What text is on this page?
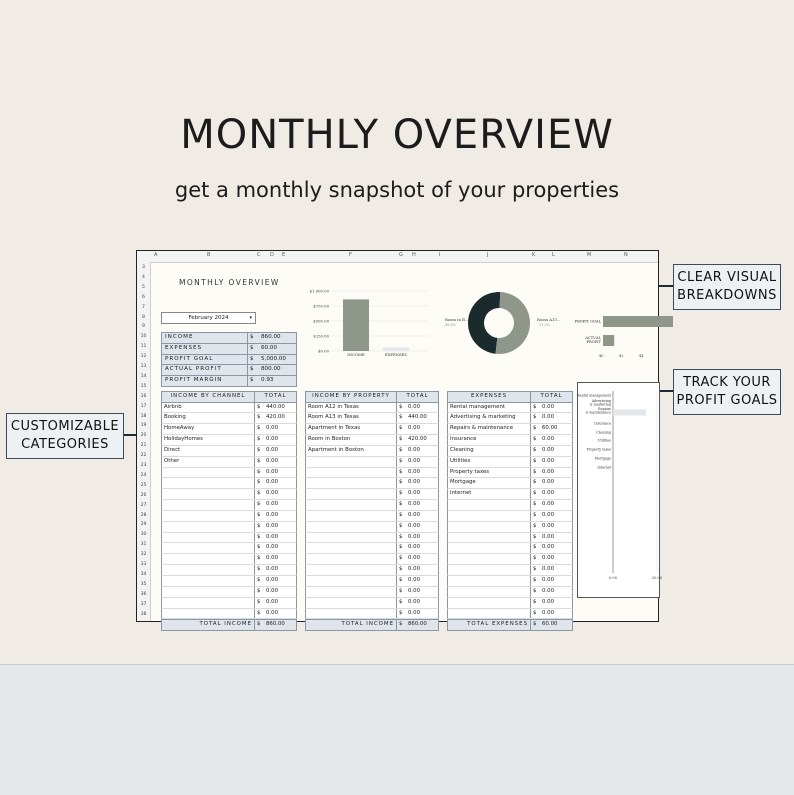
MONTHLY OVERVIEW
get a monthly snapshot of your properties
CLEAR VISUAL
BREAKDOWNS
TRACK YOUR
PROFIT GOALS
CUSTOMIZABLE
CATEGORIES
A	B	C D E	F	G H	I	J	K	L	M	N
3
4
5
6
7
8
9
10
11
12
13
14
15
16
17
18
19
20
21
22
23
24
25
26
27
28
29
30
31
32
33
34
35
36
37
38
MONTHLY OVERVIEW
February 2024	▾
INCOME	$	860.00
EXPENSES	$	60.00
PROFIT GOAL	$	5,000.00
ACTUAL PROFIT	$	800.00
PROFIT MARGIN	$	0.93
$1,000.00
$750.00
$500.00
$250.00
$0.00
INCOME	EXPENSES
Room in B...
48.8%
Room A13...
51.2%
PROFIT GOAL
ACTUAL
PROFIT
$0	$2	$4
INCOME BY CHANNEL	TOTAL
Airbnb	$	440.00
Booking	$	420.00
HomeAway	$	0.00
HolidayHomes	$	0.00
Direct	$	0.00
Other	$	0.00
$	0.00
$	0.00
$	0.00
$	0.00
$	0.00
$	0.00
$	0.00
$	0.00
$	0.00
$	0.00
$	0.00
$	0.00
$	0.00
$	0.00
TOTAL INCOME $	860.00
INCOME BY PROPERTY	TOTAL
Room A12 in Texas	$	0.00
Room A13 in Texas	$	440.00
Apartment in Texas	$	0.00
Room in Boston	$	420.00
Apartment in Boston	$	0.00
$	0.00
$	0.00
$	0.00
$	0.00
$	0.00
$	0.00
$	0.00
$	0.00
$	0.00
$	0.00
$	0.00
$	0.00
$	0.00
$	0.00
$	0.00
TOTAL INCOME $	860.00
EXPENSES	TOTAL
Rental management	$	0.00
Advertising & marketing	$	0.00
Repairs & maintenance	$	60.00
Insurance	$	0.00
Cleaning	$	0.00
Utilities	$	0.00
Property taxes	$	0.00
Mortgage	$	0.00
Internet	$	0.00
$	0.00
$	0.00
$	0.00
$	0.00
$	0.00
$	0.00
$	0.00
$	0.00
$	0.00
$	0.00
$	0.00
TOTAL EXPENSES $	60.00
Rental management
Advertising
& marketing
Repairs
& maintenance
Insurance
Cleaning
Utilities
Property taxes
Mortgage
Internet
0.00	20.00
